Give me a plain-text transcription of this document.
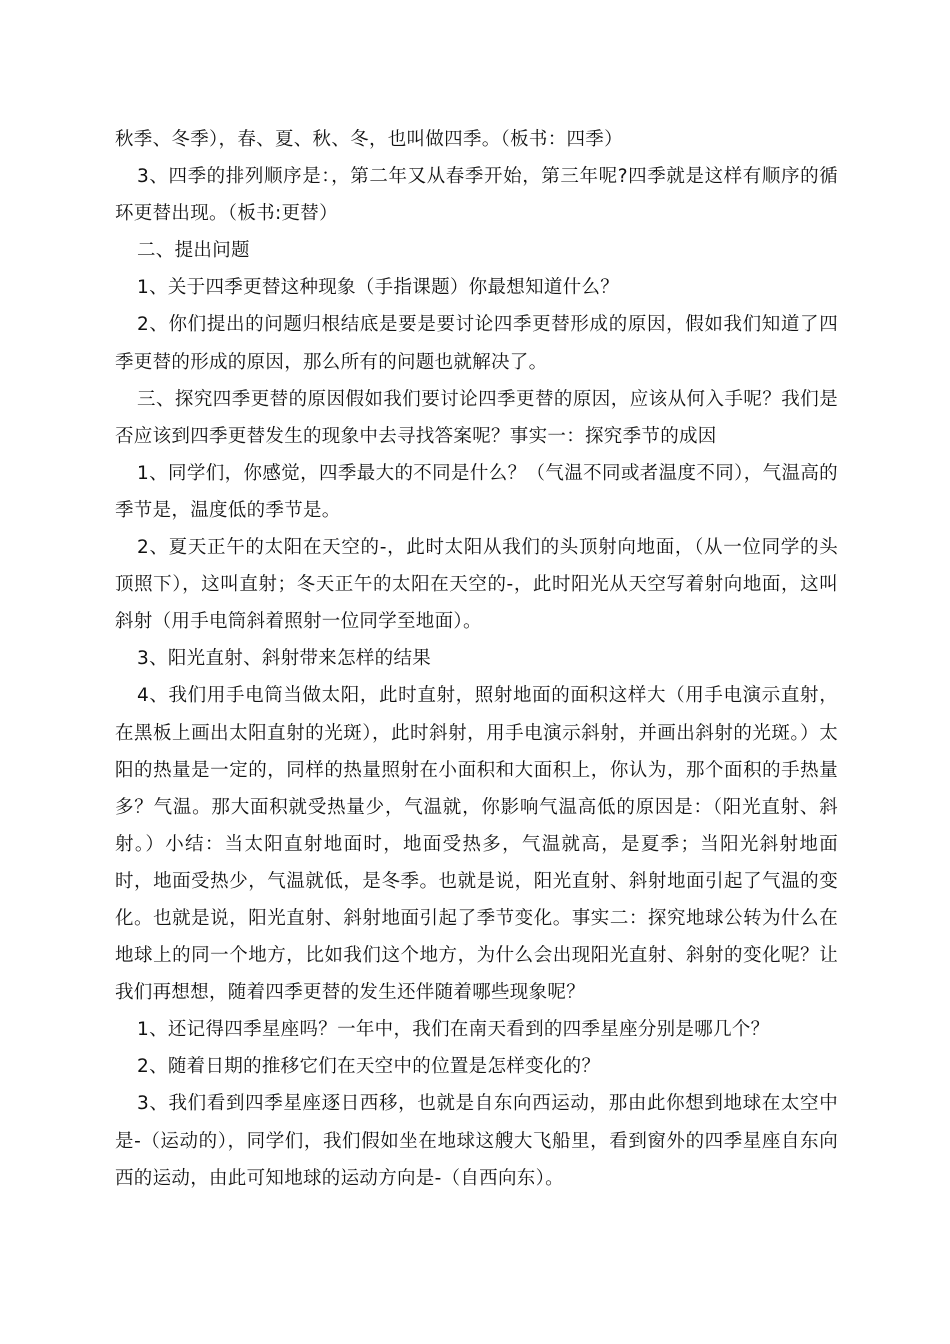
秋季、冬季），春、夏、秋、冬，也叫做四季。（板书：四季）

3、四季的排列顺序是：，第二年又从春季开始，第三年呢?四季就是这样有顺序的循环更替出现。（板书:更替）

二、提出问题

1、关于四季更替这种现象（手指课题）你最想知道什么？

2、你们提出的问题归根结底是要是要讨论四季更替形成的原因，假如我们知道了四季更替的形成的原因，那么所有的问题也就解决了。

三、探究四季更替的原因假如我们要讨论四季更替的原因，应该从何入手呢？我们是否应该到四季更替发生的现象中去寻找答案呢？事实一：探究季节的成因

1、同学们，你感觉，四季最大的不同是什么？（气温不同或者温度不同），气温高的季节是，温度低的季节是。

2、夏天正午的太阳在天空的-，此时太阳从我们的头顶射向地面，（从一位同学的头顶照下），这叫直射；冬天正午的太阳在天空的-，此时阳光从天空写着射向地面，这叫斜射（用手电筒斜着照射一位同学至地面）。

3、阳光直射、斜射带来怎样的结果

4、我们用手电筒当做太阳，此时直射，照射地面的面积这样大（用手电演示直射，在黑板上画出太阳直射的光斑），此时斜射，用手电演示斜射，并画出斜射的光斑。）太阳的热量是一定的，同样的热量照射在小面积和大面积上，你认为，那个面积的手热量多？气温。那大面积就受热量少，气温就，你影响气温高低的原因是：（阳光直射、斜射。）小结：当太阳直射地面时，地面受热多，气温就高，是夏季；当阳光斜射地面时，地面受热少，气温就低，是冬季。也就是说，阳光直射、斜射地面引起了气温的变化。也就是说，阳光直射、斜射地面引起了季节变化。事实二：探究地球公转为什么在地球上的同一个地方，比如我们这个地方，为什么会出现阳光直射、斜射的变化呢？让我们再想想，随着四季更替的发生还伴随着哪些现象呢？

1、还记得四季星座吗？一年中，我们在南天看到的四季星座分别是哪几个？

2、随着日期的推移它们在天空中的位置是怎样变化的？

3、我们看到四季星座逐日西移，也就是自东向西运动，那由此你想到地球在太空中是-（运动的），同学们，我们假如坐在地球这艘大飞船里，看到窗外的四季星座自东向西的运动，由此可知地球的运动方向是-（自西向东）。
